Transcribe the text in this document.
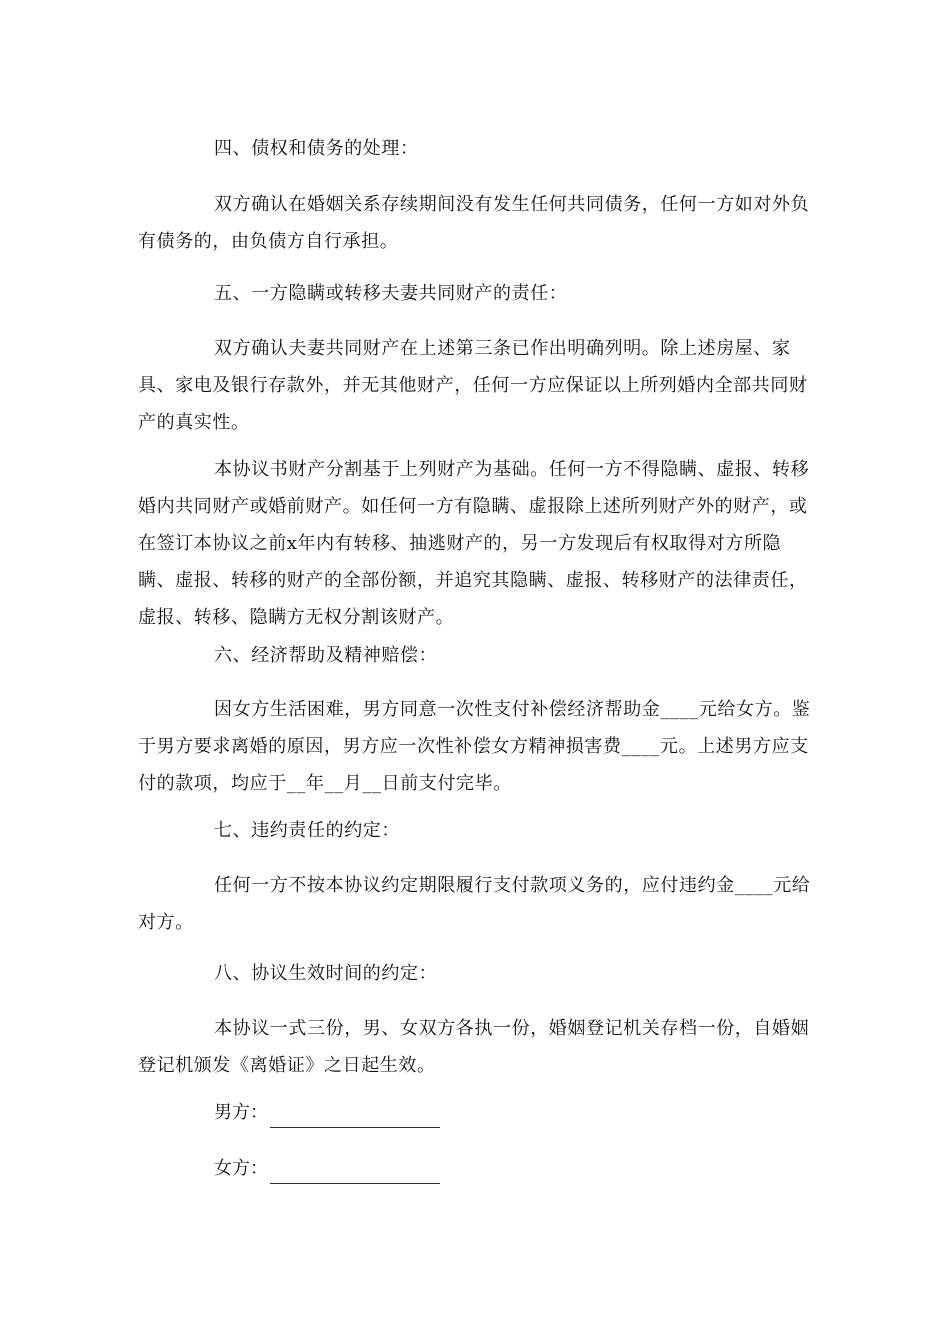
四、债权和债务的处理：

双方确认在婚姻关系存续期间没有发生任何共同债务，任何一方如对外负有债务的，由负债方自行承担。

五、一方隐瞒或转移夫妻共同财产的责任：

双方确认夫妻共同财产在上述第三条已作出明确列明。除上述房屋、家具、家电及银行存款外，并无其他财产，任何一方应保证以上所列婚内全部共同财产的真实性。

本协议书财产分割基于上列财产为基础。任何一方不得隐瞒、虚报、转移婚内共同财产或婚前财产。如任何一方有隐瞒、虚报除上述所列财产外的财产，或在签订本协议之前x年内有转移、抽逃财产的，另一方发现后有权取得对方所隐瞒、虚报、转移的财产的全部份额，并追究其隐瞒、虚报、转移财产的法律责任，虚报、转移、隐瞒方无权分割该财产。

六、经济帮助及精神赔偿：

因女方生活困难，男方同意一次性支付补偿经济帮助金____元给女方。鉴于男方要求离婚的原因，男方应一次性补偿女方精神损害费____元。上述男方应支付的款项，均应于__年__月__日前支付完毕。

七、违约责任的约定：

任何一方不按本协议约定期限履行支付款项义务的，应付违约金____元给对方。

八、协议生效时间的约定：

本协议一式三份，男、女双方各执一份，婚姻登记机关存档一份，自婚姻登记机颁发《离婚证》之日起生效。

男方：
女方：
